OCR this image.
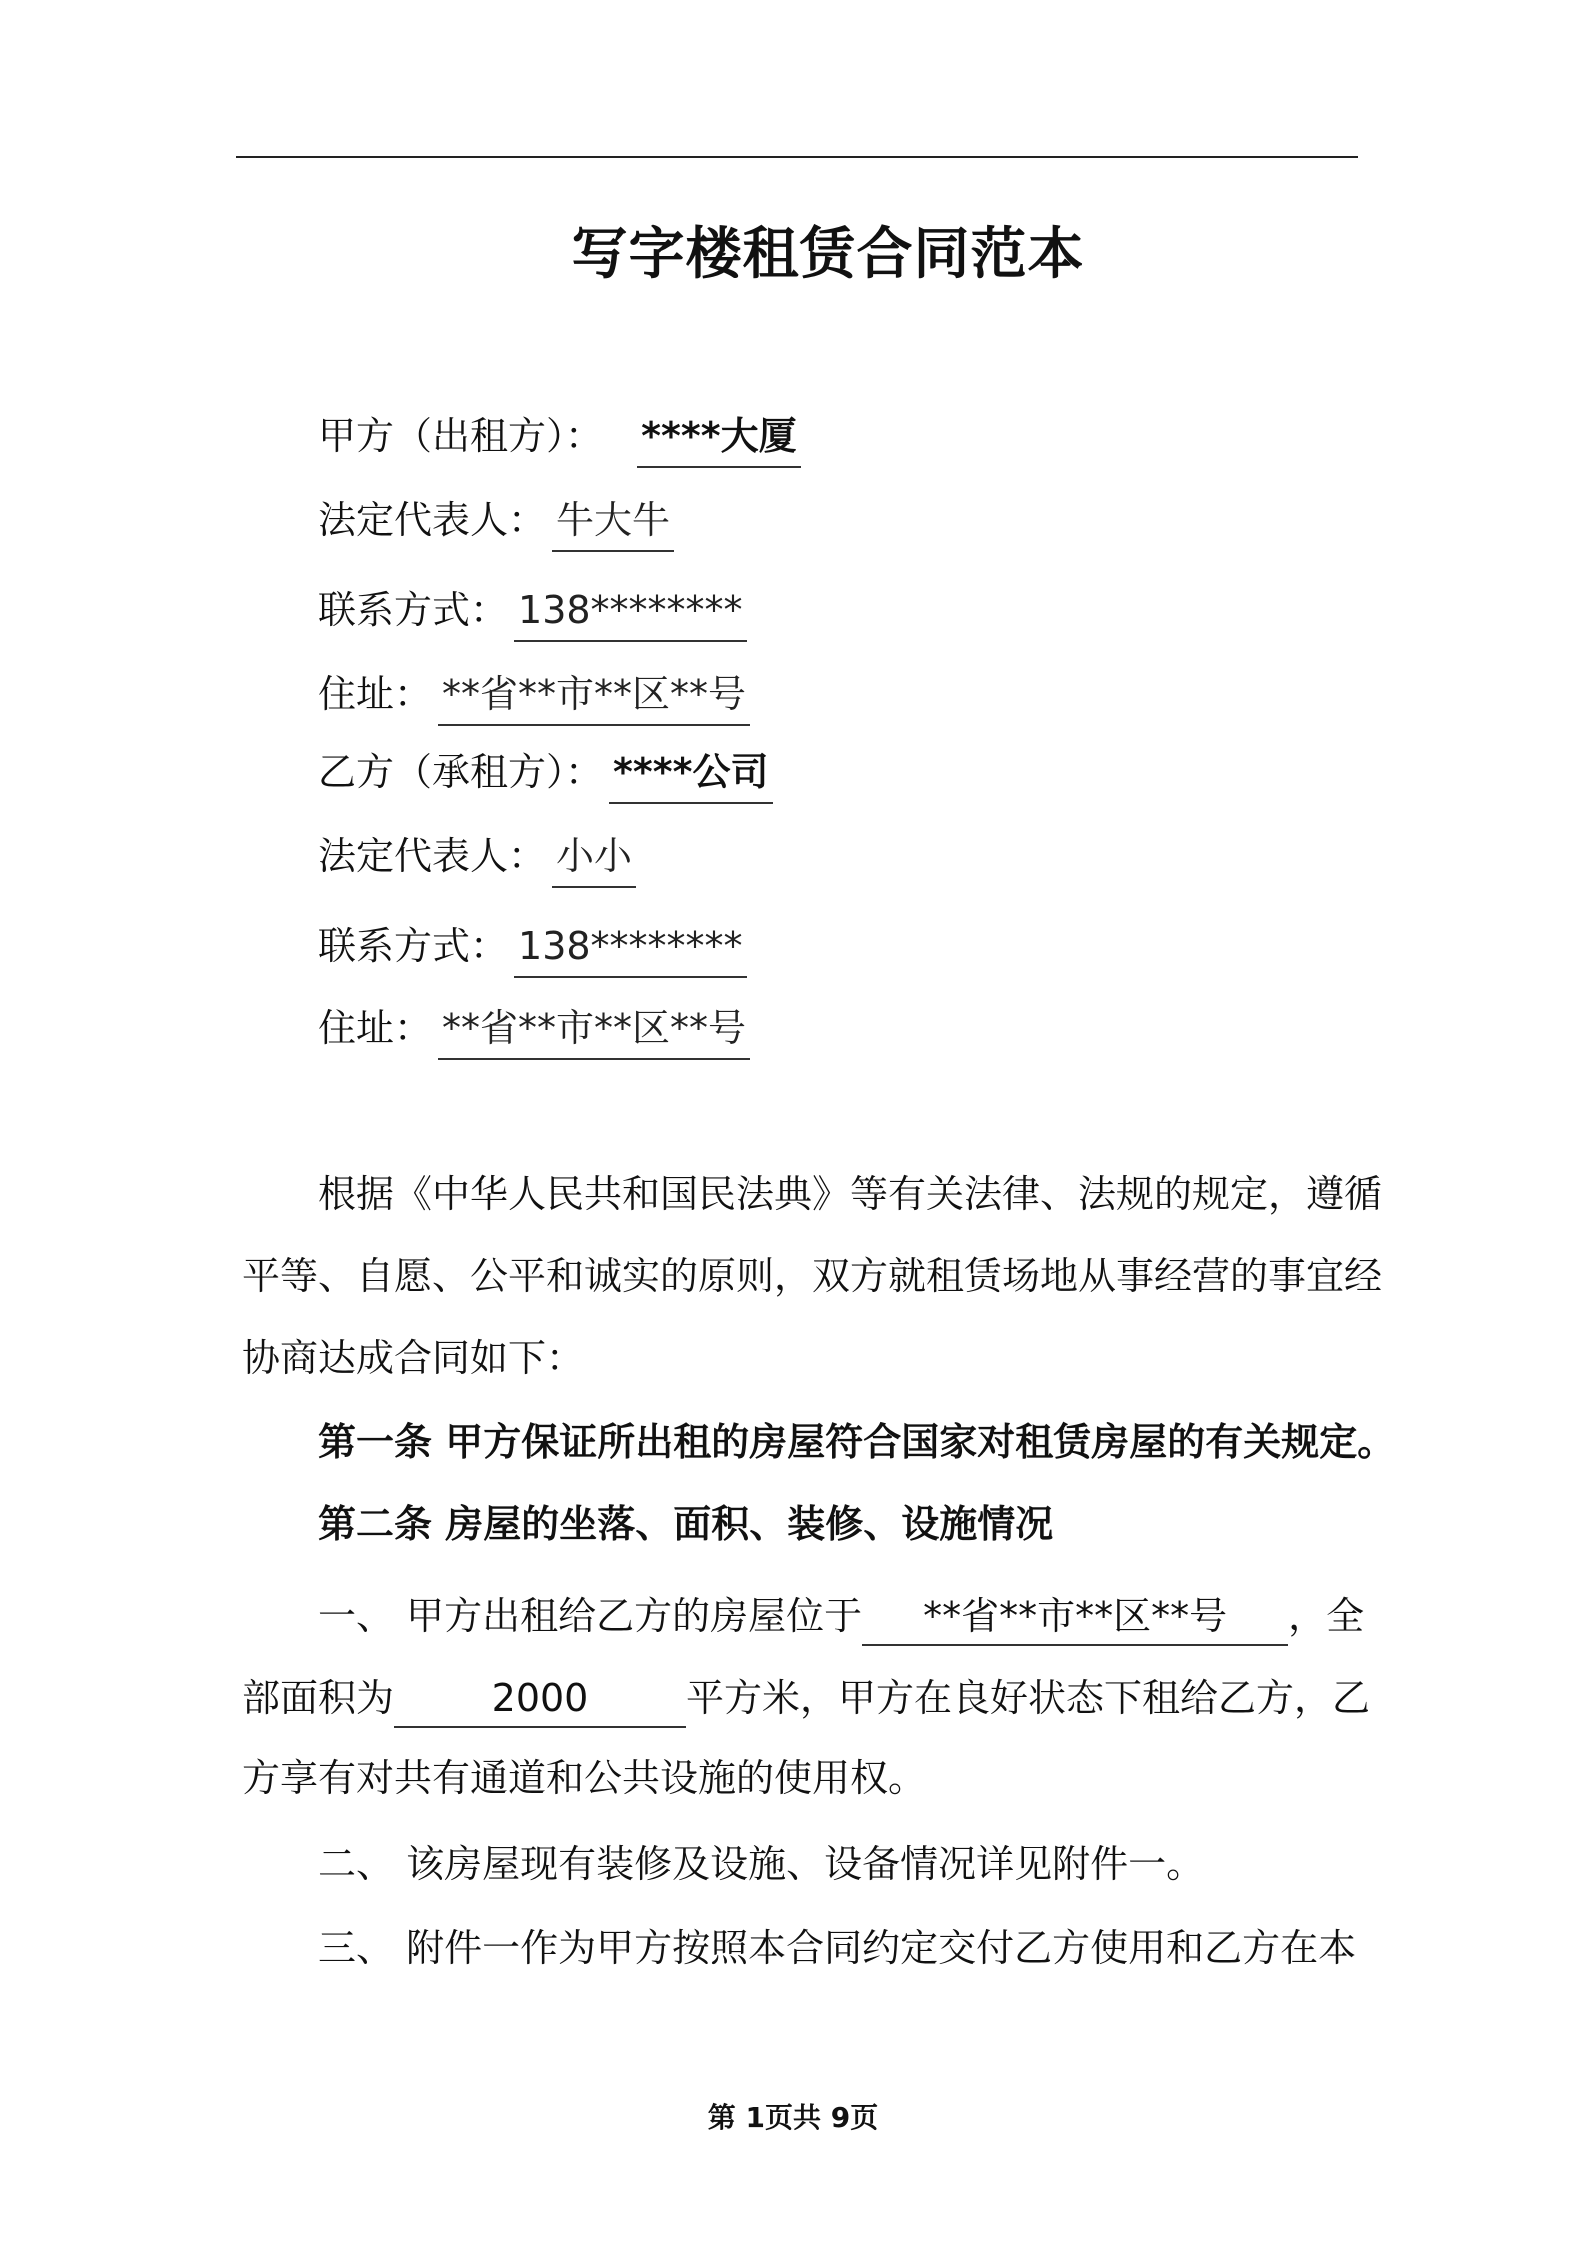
写字楼租赁合同范本
甲方（出租方）： ****大厦
法定代表人： 牛大牛
联系方式： 138********
住址： **省**市**区**号
乙方（承租方）： ****公司
法定代表人： 小小
联系方式： 138********
住址： **省**市**区**号
根据《中华人民共和国民法典》等有关法律、法规的规定，遵循
平等、自愿、公平和诚实的原则，双方就租赁场地从事经营的事宜经
协商达成合同如下：
第一条 甲方保证所出租的房屋符合国家对租赁房屋的有关规定。
第二条 房屋的坐落、面积、装修、设施情况
一、 甲方出租给乙方的房屋位于 **省**市**区**号 ，全
部面积为	2000	平方米，甲方在良好状态下租给乙方，乙
方享有对共有通道和公共设施的使用权。
二、 该房屋现有装修及设施、设备情况详见附件一。
三、 附件一作为甲方按照本合同约定交付乙方使用和乙方在本
第 1页共 9页
